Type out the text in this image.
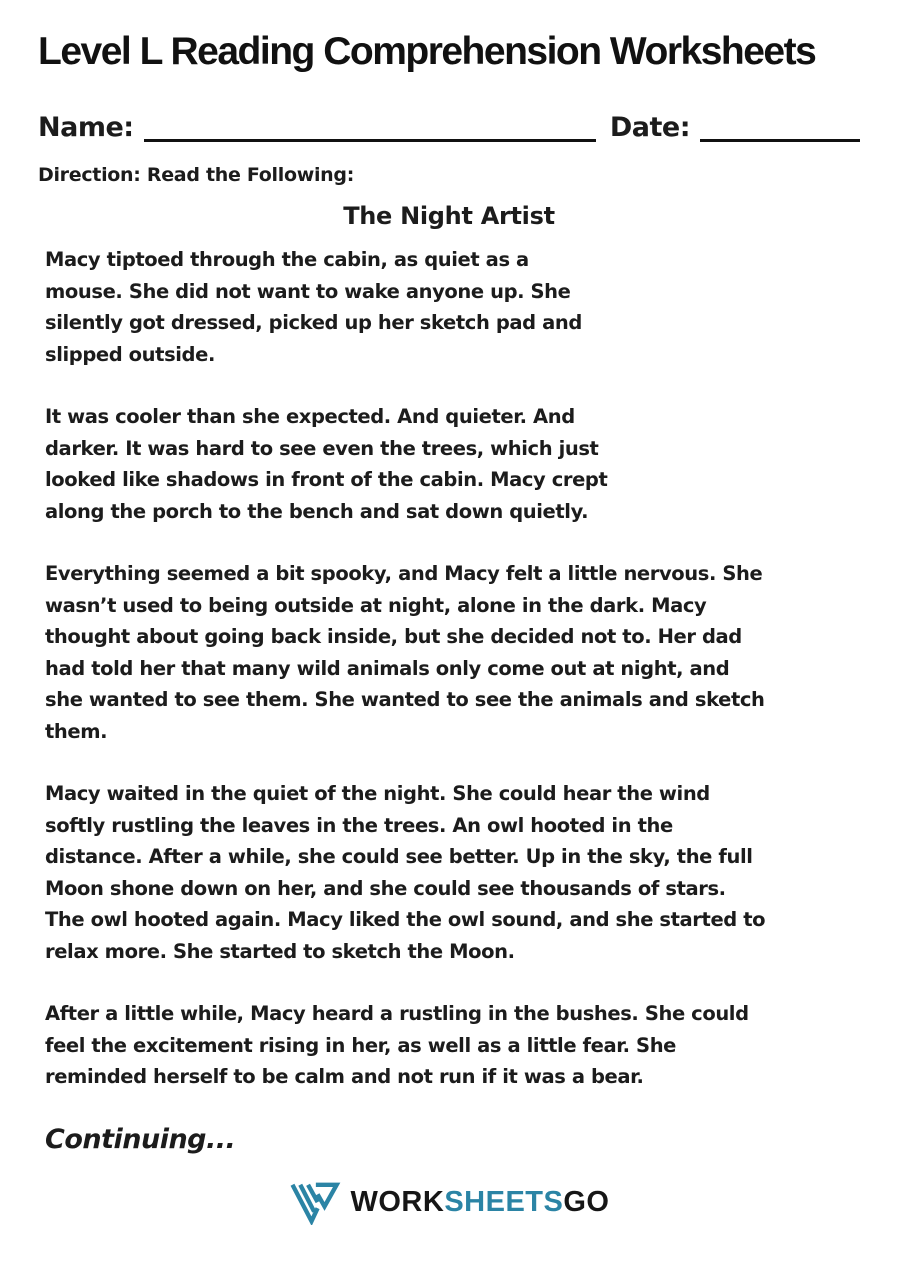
Level L Reading Comprehension Worksheets
Name:	Date:
Direction: Read the Following:
The Night Artist
Macy tiptoed through the cabin, as quiet as a
mouse. She did not want to wake anyone up. She
silently got dressed, picked up her sketch pad and
slipped outside.
It was cooler than she expected. And quieter. And
darker. It was hard to see even the trees, which just
looked like shadows in front of the cabin. Macy crept
along the porch to the bench and sat down quietly.
Everything seemed a bit spooky, and Macy felt a little nervous. She
wasn’t used to being outside at night, alone in the dark. Macy
thought about going back inside, but she decided not to. Her dad
had told her that many wild animals only come out at night, and
she wanted to see them. She wanted to see the animals and sketch
them.
Macy waited in the quiet of the night. She could hear the wind
softly rustling the leaves in the trees. An owl hooted in the
distance. After a while, she could see better. Up in the sky, the full
Moon shone down on her, and she could see thousands of stars.
The owl hooted again. Macy liked the owl sound, and she started to
relax more. She started to sketch the Moon.
After a little while, Macy heard a rustling in the bushes. She could
feel the excitement rising in her, as well as a little fear. She
reminded herself to be calm and not run if it was a bear.
Continuing...
WORKSHEETSGO
